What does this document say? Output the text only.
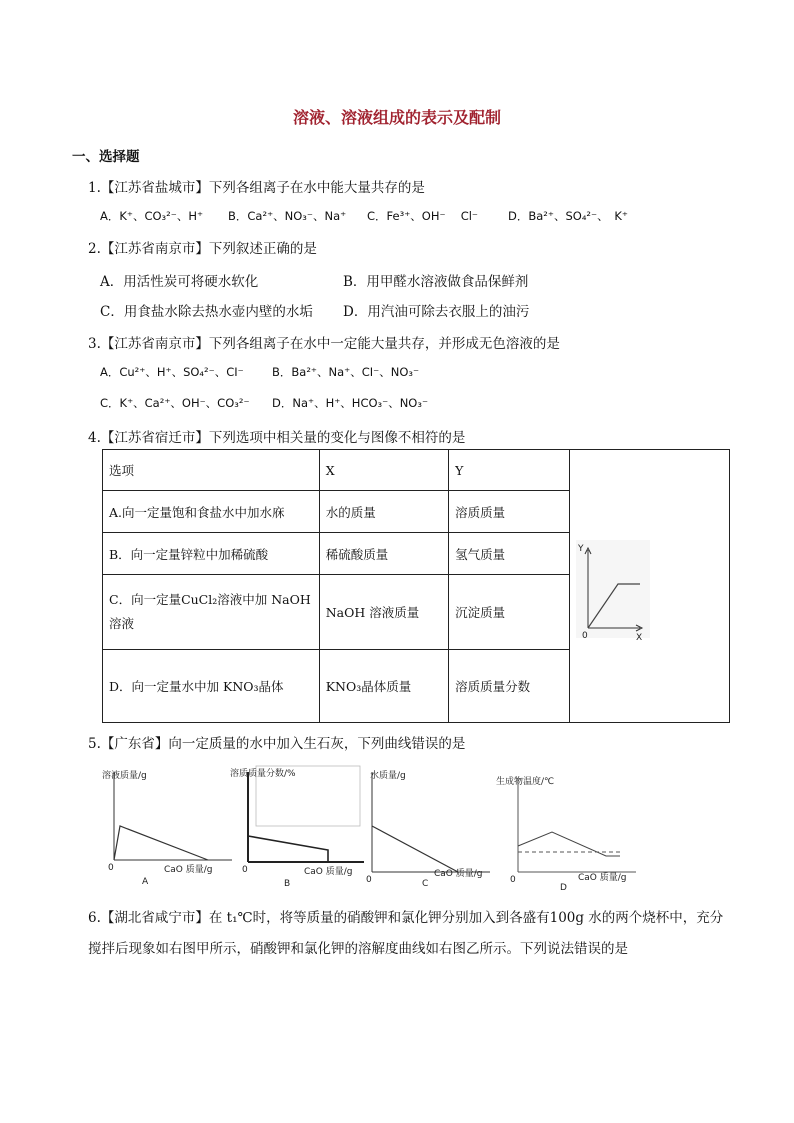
溶液、溶液组成的表示及配制
一、选择题
1.【江苏省盐城市】下列各组离子在水中能大量共存的是
A．K⁺、CO₃²⁻、H⁺ B．Ca²⁺、NO₃⁻、Na⁺ C．Fe³⁺、OH⁻　 Cl⁻	D．Ba²⁺、SO₄²⁻、　K⁺
2.【江苏省南京市】下列叙述正确的是
A．用活性炭可将硬水软化	B．用甲醛水溶液做食品保鲜剂
C．用食盐水除去热水壶内壁的水垢 D．用汽油可除去衣服上的油污
3.【江苏省南京市】下列各组离子在水中一定能大量共存，并形成无色溶液的是
A．Cu²⁺、H⁺、SO₄²⁻、CI⁻ B．Ba²⁺、Na⁺、CI⁻、NO₃⁻
C．K⁺、Ca²⁺、OH⁻、CO₃²⁻ D．Na⁺、H⁺、HCO₃⁻、NO₃⁻
4.【江苏省宿迁市】下列选项中相关量的变化与图像不相符的是
选项	X	Y	Y
0 X

A.向一定量饱和食盐水中加水庥	水的质量	溶质质量	
B．向一定量锌粒中加稀硫酸	稀硫酸质量	氢气质量	
C．向一定量CuCl₂溶液中加 NaOH 溶液	NaOH 溶液质量	沉淀质量	
D．向一定量水中加 KNO₃晶体	KNO₃晶体质量	溶质质量分数	
5.【广东省】向一定质量的水中加入生石灰，下列曲线错误的是
溶液质量/g
0	CaO 质量/g
A
溶质质量分数/%
0	CaO 质量/g
B
水质量/g
0
CaO 质量/g
C
生成物温度/℃
0	CaO 质量/g
D
6.【湖北省咸宁市】在 t₁℃时，将等质量的硝酸钾和氯化钾分别加入到各盛有100g 水的两个烧杯中，充分
搅拌后现象如右图甲所示，硝酸钾和氯化钾的溶解度曲线如右图乙所示。下列说法错误的是
